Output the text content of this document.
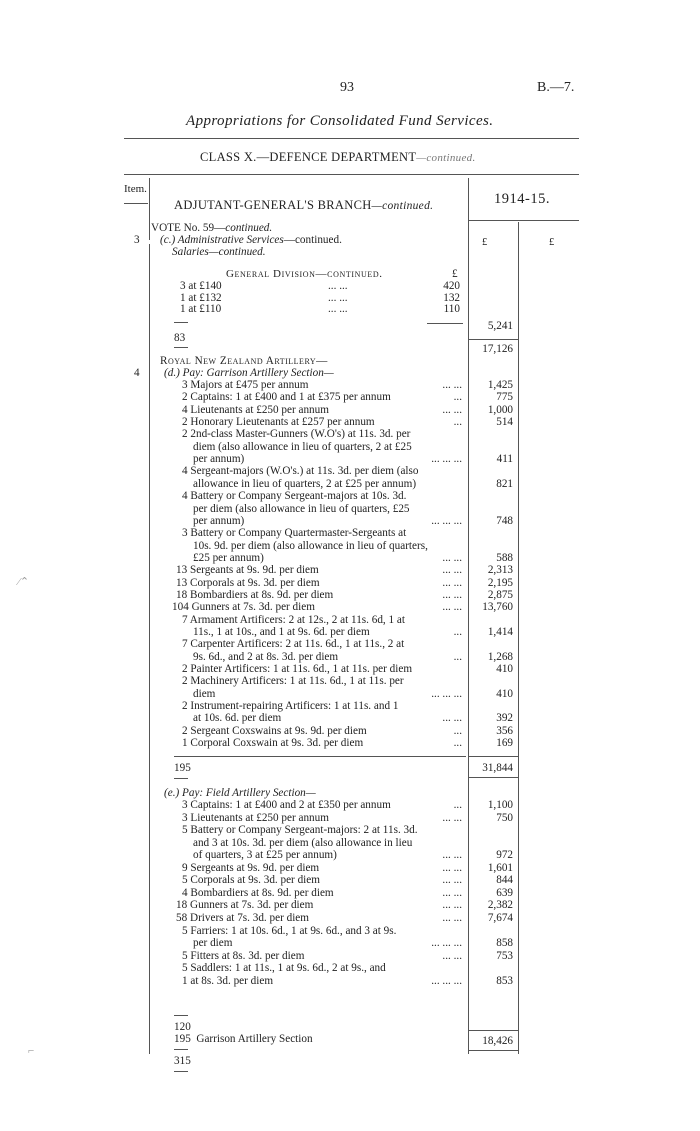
93	B.—7.
Appropriations for Consolidated Fund Services.
CLASS X.—DEFENCE DEPARTMENT—continued.
Item.
1914-15.
ADJUTANT-GENERAL'S BRANCH—continued.
VOTE No. 59—continued.
3 (c.) Administrative Services—continued.	£	£
Salaries—continued.
General Division—continued.	£
3 at £140	... ...	420
1 at £132	... ...	132
1 at £110	... ...	110
5,241
83
17,126
Royal New Zealand Artillery—
4 (d.) Pay: Garrison Artillery Section—
3 Majors at £475 per annum	... ...	1,425
2 Captains: 1 at £400 and 1 at £375 per annum	...	775
4 Lieutenants at £250 per annum	... ...	1,000
2 Honorary Lieutenants at £257 per annum	...	514
2 2nd-class Master-Gunners (W.O's) at 11s. 3d. per
diem (also allowance in lieu of quarters, 2 at £25
per annum)	... ... ...	411
4 Sergeant-majors (W.O's.) at 11s. 3d. per diem (also
allowance in lieu of quarters, 2 at £25 per annum)	821
4 Battery or Company Sergeant-majors at 10s. 3d.
per diem (also allowance in lieu of quarters, £25
per annum)	... ... ...	748
3 Battery or Company Quartermaster-Sergeants at
10s. 9d. per diem (also allowance in lieu of quarters,
£25 per annum)	... ...	588
13 Sergeants at 9s. 9d. per diem	... ...	2,313
13 Corporals at 9s. 3d. per diem	... ...	2,195
18 Bombardiers at 8s. 9d. per diem	... ...	2,875
104 Gunners at 7s. 3d. per diem	... ...	13,760
7 Armament Artificers: 2 at 12s., 2 at 11s. 6d, 1 at
11s., 1 at 10s., and 1 at 9s. 6d. per diem	...	1,414
7 Carpenter Artificers: 2 at 11s. 6d., 1 at 11s., 2 at
9s. 6d., and 2 at 8s. 3d. per diem	...	1,268
2 Painter Artificers: 1 at 11s. 6d., 1 at 11s. per diem	410
2 Machinery Artificers: 1 at 11s. 6d., 1 at 11s. per
diem	... ... ...	410
2 Instrument-repairing Artificers: 1 at 11s. and 1
at 10s. 6d. per diem	... ...	392
2 Sergeant Coxswains at 9s. 9d. per diem	...	356
1 Corporal Coxswain at 9s. 3d. per diem	...	169
195	31,844
(e.) Pay: Field Artillery Section—
3 Captains: 1 at £400 and 2 at £350 per annum	...	1,100
3 Lieutenants at £250 per annum	... ...	750
5 Battery or Company Sergeant-majors: 2 at 11s. 3d.
and 3 at 10s. 3d. per diem (also allowance in lieu
of quarters, 3 at £25 per annum)	... ...	972
9 Sergeants at 9s. 9d. per diem	... ...	1,601
5 Corporals at 9s. 3d. per diem	... ...	844
4 Bombardiers at 8s. 9d. per diem	... ...	639
18 Gunners at 7s. 3d. per diem	... ...	2,382
58 Drivers at 7s. 3d. per diem	... ...	7,674
5 Farriers: 1 at 10s. 6d., 1 at 9s. 6d., and 3 at 9s.
per diem	... ... ...	858
5 Fitters at 8s. 3d. per diem	... ...	753
5 Saddlers: 1 at 11s., 1 at 9s. 6d., 2 at 9s., and
1 at 8s. 3d. per diem	... ... ...	853
120
195 Garrison Artillery Section	18,426
315
⁄⌃
⌐
